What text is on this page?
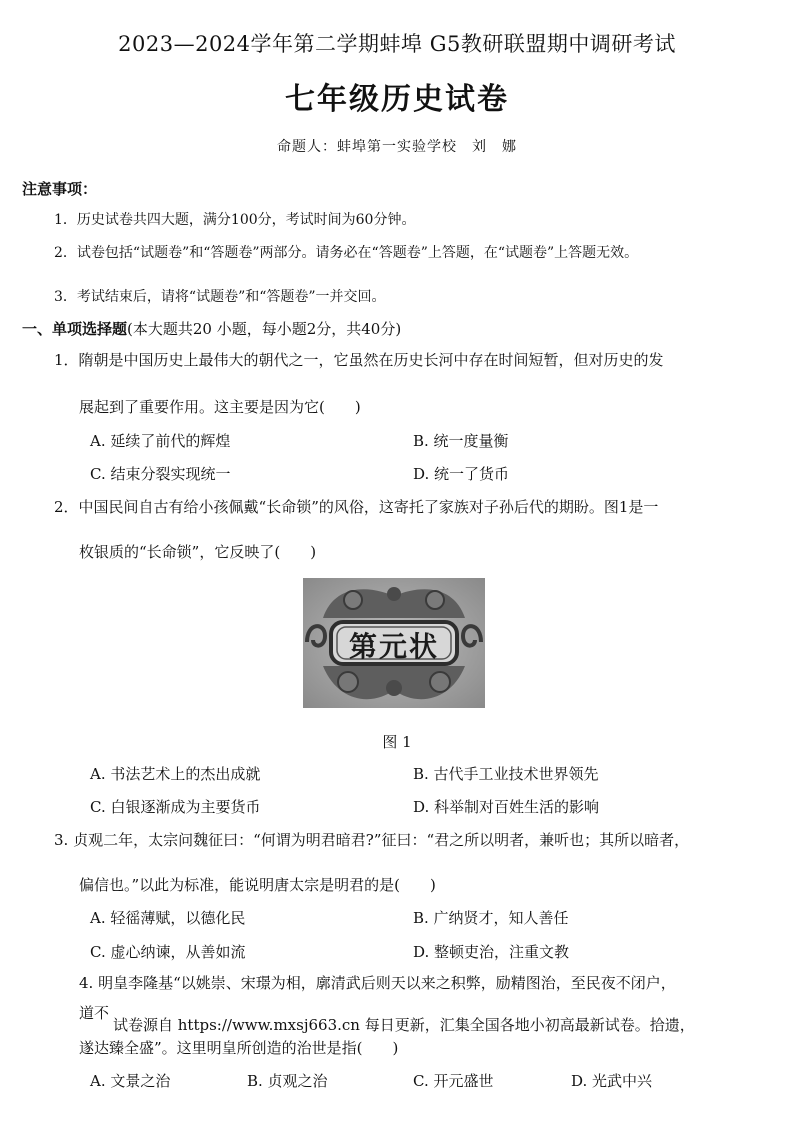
2023—2024学年第二学期蚌埠 G5教研联盟期中调研考试
七年级历史试卷
命题人：蚌埠第一实验学校　刘　娜
注意事项：
1．历史试卷共四大题，满分100分，考试时间为60分钟。
2．试卷包括“试题卷”和“答题卷”两部分。请务必在“答题卷”上答题，在“试题卷”上答题无效。
3．考试结束后，请将“试题卷”和“答题卷”一并交回。
一、单项选择题(本大题共20 小题，每小题2分，共40分)
1．隋朝是中国历史上最伟大的朝代之一，它虽然在历史长河中存在时间短暂，但对历史的发
展起到了重要作用。这主要是因为它(　　)
A. 延续了前代的辉煌	B. 统一度量衡
C. 结束分裂实现统一	D. 统一了货币
2．中国民间自古有给小孩佩戴“长命锁”的风俗，这寄托了家族对子孙后代的期盼。图1是一
枚银质的“长命锁”，它反映了(　　)
第元状
图 1
A. 书法艺术上的杰出成就	B. 古代手工业技术世界领先
C. 白银逐渐成为主要货币	D. 科举制对百姓生活的影响
3. 贞观二年，太宗问魏征曰：“何谓为明君暗君?”征曰：“君之所以明者，兼听也；其所以暗者，
偏信也。”以此为标准，能说明唐太宗是明君的是(　　)
A. 轻徭薄赋，以德化民	B. 广纳贤才，知人善任
C. 虚心纳谏，从善如流	D. 整顿吏治，注重文教
4. 明皇李隆基“以姚崇、宋璟为相，廓清武后则天以来之积弊，励精图治，至民夜不闭户，
道不
试卷源自 https://www.mxsj663.cn 每日更新，汇集全国各地小初高最新试卷。拾遗，
遂达臻全盛”。这里明皇所创造的治世是指(　　)
A. 文景之治	B. 贞观之治	C. 开元盛世	D. 光武中兴
